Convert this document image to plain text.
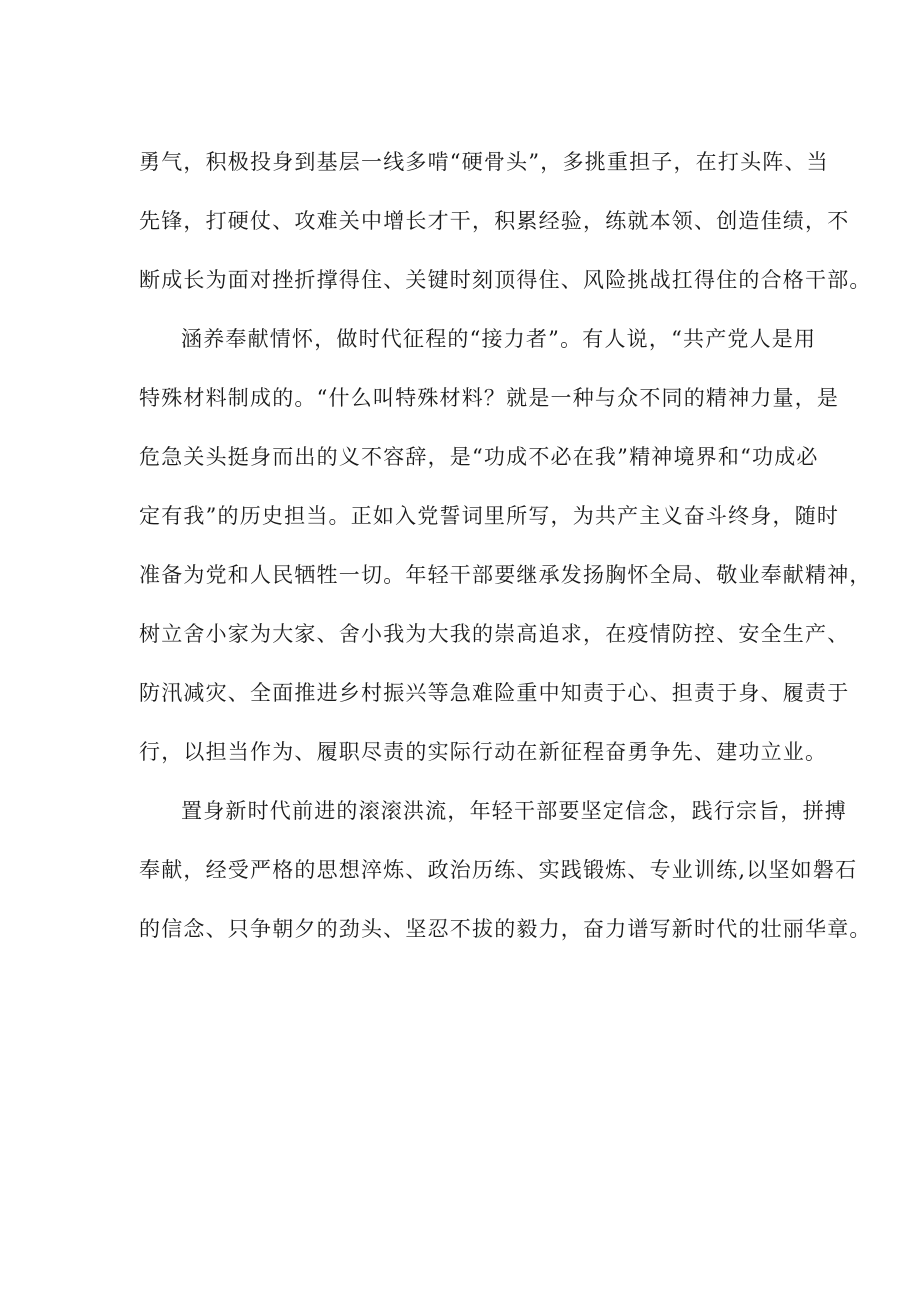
勇气，积极投身到基层一线多啃“硬骨头”，多挑重担子，在打头阵、当
先锋，打硬仗、攻难关中增长才干，积累经验，练就本领、创造佳绩，不
断成长为面对挫折撑得住、关键时刻顶得住、风险挑战扛得住的合格干部。

涵养奉献情怀，做时代征程的“接力者”。有人说，“共产党人是用
特殊材料制成的。“什么叫特殊材料？就是一种与众不同的精神力量，是
危急关头挺身而出的义不容辞，是“功成不必在我”精神境界和“功成必
定有我”的历史担当。正如入党誓词里所写，为共产主义奋斗终身，随时
准备为党和人民牺牲一切。年轻干部要继承发扬胸怀全局、敬业奉献精神，
树立舍小家为大家、舍小我为大我的崇高追求，在疫情防控、安全生产、
防汛减灾、全面推进乡村振兴等急难险重中知责于心、担责于身、履责于
行，以担当作为、履职尽责的实际行动在新征程奋勇争先、建功立业。

置身新时代前进的滚滚洪流，年轻干部要坚定信念，践行宗旨，拼搏
奉献，经受严格的思想淬炼、政治历练、实践锻炼、专业训练,以坚如磐石
的信念、只争朝夕的劲头、坚忍不拔的毅力，奋力谱写新时代的壮丽华章。
